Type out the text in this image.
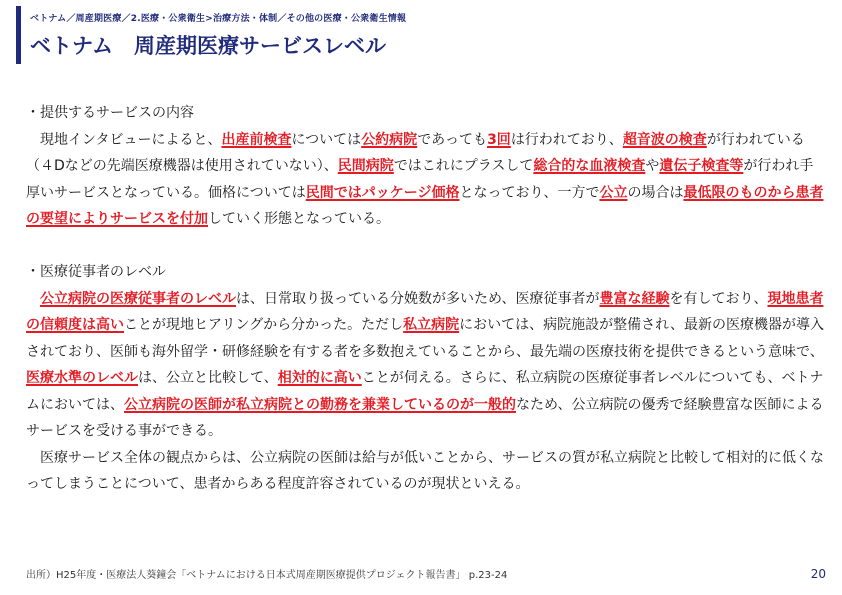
ベトナム／周産期医療／2.医療・公衆衛生>治療方法・体制／その他の医療・公衆衛生情報
ベトナム　周産期医療サービスレベル

・提供するサービスの内容

現地インタビューによると、出産前検査については公約病院であっても3回は行われており、超音波の検査が行われている（４Dなどの先端医療機器は使用されていない）、民間病院ではこれにプラスして総合的な血液検査や遺伝子検査等が行われ手厚いサービスとなっている。価格については民間ではパッケージ価格となっており、一方で公立の場合は最低限のものから患者の要望によりサービスを付加していく形態となっている。

・医療従事者のレベル

公立病院の医療従事者のレベルは、日常取り扱っている分娩数が多いため、医療従事者が豊富な経験を有しており、現地患者の信頼度は高いことが現地ヒアリングから分かった。ただし私立病院においては、病院施設が整備され、最新の医療機器が導入されており、医師も海外留学・研修経験を有する者を多数抱えていることから、最先端の医療技術を提供できるという意味で、医療水準のレベルは、公立と比較して、相対的に高いことが伺える。さらに、私立病院の医療従事者レベルについても、ベトナムにおいては、公立病院の医師が私立病院との勤務を兼業しているのが一般的なため、公立病院の優秀で経験豊富な医師によるサービスを受ける事ができる。

医療サービス全体の観点からは、公立病院の医師は給与が低いことから、サービスの質が私立病院と比較して相対的に低くなってしまうことについて、患者からある程度許容されているのが現状といえる。

出所）H25年度・医療法人葵鐘会「ベトナムにおける日本式周産期医療提供プロジェクト報告書」 p.23-24	20
